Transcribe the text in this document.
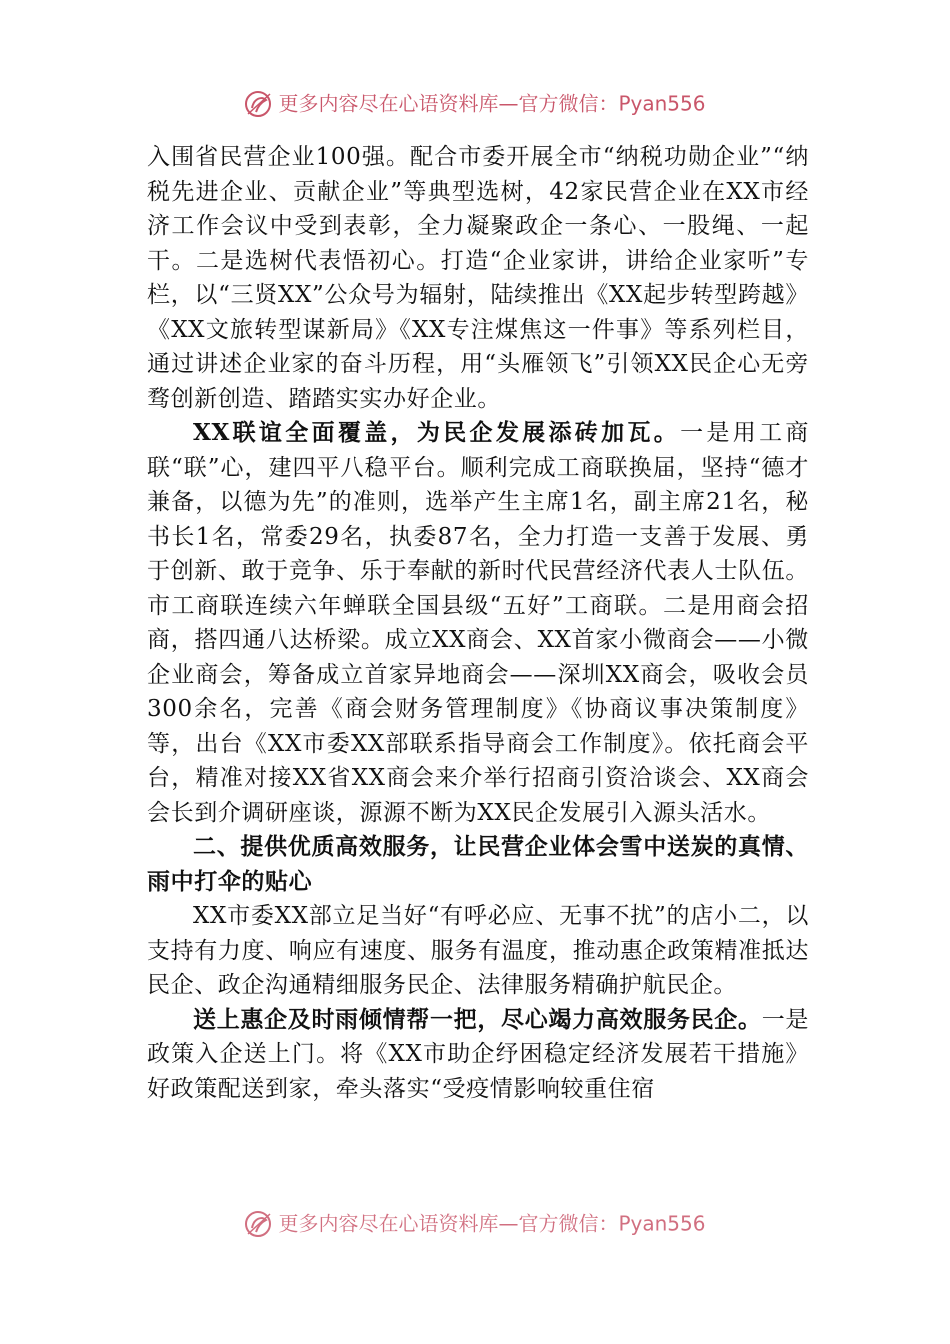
更多内容尽在心语资料库—官方微信：Pyan556

入围省民营企业100强。配合市委开展全市“纳税功勋企业”“纳税先进企业、贡献企业”等典型选树，42家民营企业在XX市经济工作会议中受到表彰，全力凝聚政企一条心、一股绳、一起干。二是选树代表悟初心。打造“企业家讲，讲给企业家听”专栏，以“三贤XX”公众号为辐射，陆续推出《XX起步转型跨越》《XX文旅转型谋新局》《XX专注煤焦这一件事》等系列栏目，通过讲述企业家的奋斗历程，用“头雁领飞”引领XX民企心无旁骛创新创造、踏踏实实办好企业。

XX联谊全面覆盖，为民企发展添砖加瓦。一是用工商联“联”心，建四平八稳平台。顺利完成工商联换届，坚持“德才兼备，以德为先”的准则，选举产生主席1名，副主席21名，秘书长1名，常委29名，执委87名，全力打造一支善于发展、勇于创新、敢于竞争、乐于奉献的新时代民营经济代表人士队伍。市工商联连续六年蝉联全国县级“五好”工商联。二是用商会招商，搭四通八达桥梁。成立XX商会、XX首家小微商会——小微企业商会，筹备成立首家异地商会——深圳XX商会，吸收会员300余名，完善《商会财务管理制度》《协商议事决策制度》等，出台《XX市委XX部联系指导商会工作制度》。依托商会平台，精准对接XX省XX商会来介举行招商引资洽谈会、XX商会会长到介调研座谈，源源不断为XX民企发展引入源头活水。

二、提供优质高效服务，让民营企业体会雪中送炭的真情、雨中打伞的贴心

XX市委XX部立足当好“有呼必应、无事不扰”的店小二，以支持有力度、响应有速度、服务有温度，推动惠企政策精准抵达民企、政企沟通精细服务民企、法律服务精确护航民企。

送上惠企及时雨倾情帮一把，尽心竭力高效服务民企。一是政策入企送上门。将《XX市助企纾困稳定经济发展若干措施》好政策配送到家，牵头落实“受疫情影响较重住宿

更多内容尽在心语资料库—官方微信：Pyan556
